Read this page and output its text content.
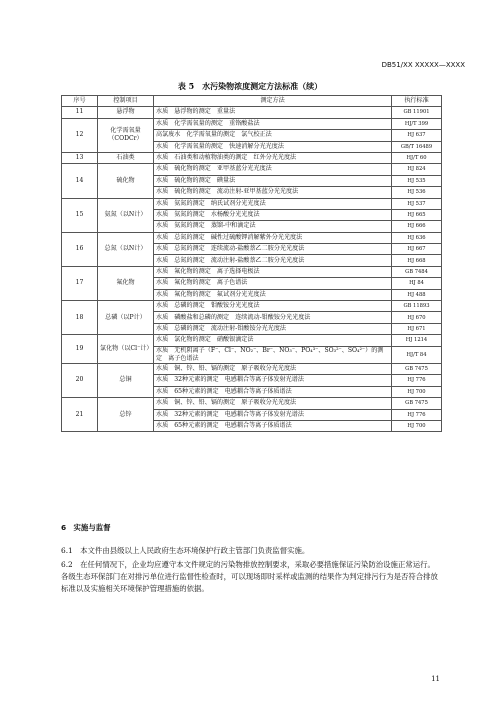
DB51/XX XXXXX—XXXX
表 5　水污染物浓度测定方法标准（续）
序号	控制项目	测定方法	执行标准
11	悬浮物	水质　悬浮物的测定　重量法	GB 11901
12	化学需氧量（CODCr）	水质　化学需氧量的测定　重铬酸盐法	HJ/T 399
		高氯废水　化学需氧量的测定　氯气校正法	HJ 637
		水质　化学需氧量的测定　快速消解分光光度法	GB/T 16489
13	石油类	水质　石油类和动植物油类的测定　红外分光光度法	HJ/T 60
14	硫化物	水质　硫化物的测定　亚甲基蓝分光光度法	HJ 824
		水质　硫化物的测定　碘量法	HJ 535
		水质　硫化物的测定　流动注射-亚甲基蓝分光光度法	HJ 536
15	氨氮（以N计）	水质　氨氮的测定　纳氏试剂分光光度法	HJ 537
		水质　氨氮的测定　水杨酸分光光度法	HJ 665
		水质　氨氮的测定　蒸馏-中和滴定法	HJ 666
16	总氮（以N计）	水质　总氮的测定　碱性过硫酸钾消解紫外分光光度法	HJ 636
		水质　总氮的测定　连续流动-盐酸萘乙二胺分光光度法	HJ 667
		水质　总氮的测定　流动注射-盐酸萘乙二胺分光光度法	HJ 668
17	氟化物	水质　氟化物的测定　离子选择电极法	GB 7484
		水质　氟化物的测定　离子色谱法	HJ 84
		水质　氟化物的测定　氟试剂分光光度法	HJ 488
18	总磷（以P计）	水质　总磷的测定　钼酸铵分光光度法	GB 11893
		水质　磷酸盐和总磷的测定　连续流动-钼酸铵分光光度法	HJ 670
		水质　总磷的测定　流动注射-钼酸铵分光光度法	HJ 671
19	氯化物（以Cl⁻计）	水质　氯化物的测定　硝酸银滴定法	HJ 1214
		水质　无机阴离子（F⁻、Cl⁻、NO₂⁻、Br⁻、NO₃⁻、PO₄³⁻、SO₃²⁻、SO₄²⁻）的测定　离子色谱法	HJ/T 84
20	总铜	水质　铜、锌、铅、镉的测定　原子吸收分光光度法	GB 7475
		水质　32种元素的测定　电感耦合等离子体发射光谱法	HJ 776
		水质　65种元素的测定　电感耦合等离子体质谱法	HJ 700
21	总锌	水质　铜、锌、铅、镉的测定　原子吸收分光光度法	GB 7475
		水质　32种元素的测定　电感耦合等离子体发射光谱法	HJ 776
		水质　65种元素的测定　电感耦合等离子体质谱法	HJ 700
6　实施与监督
6.1　本文件由县级以上人民政府生态环境保护行政主管部门负责监督实施。
6.2　在任何情况下，企业均应遵守本文件规定的污染物排放控制要求，采取必要措施保证污染防治设施正常运行。各级生态环保部门在对排污单位进行监督性检查时，可以现场即时采样或监测的结果作为判定排污行为是否符合排放标准以及实施相关环境保护管理措施的依据。
11
